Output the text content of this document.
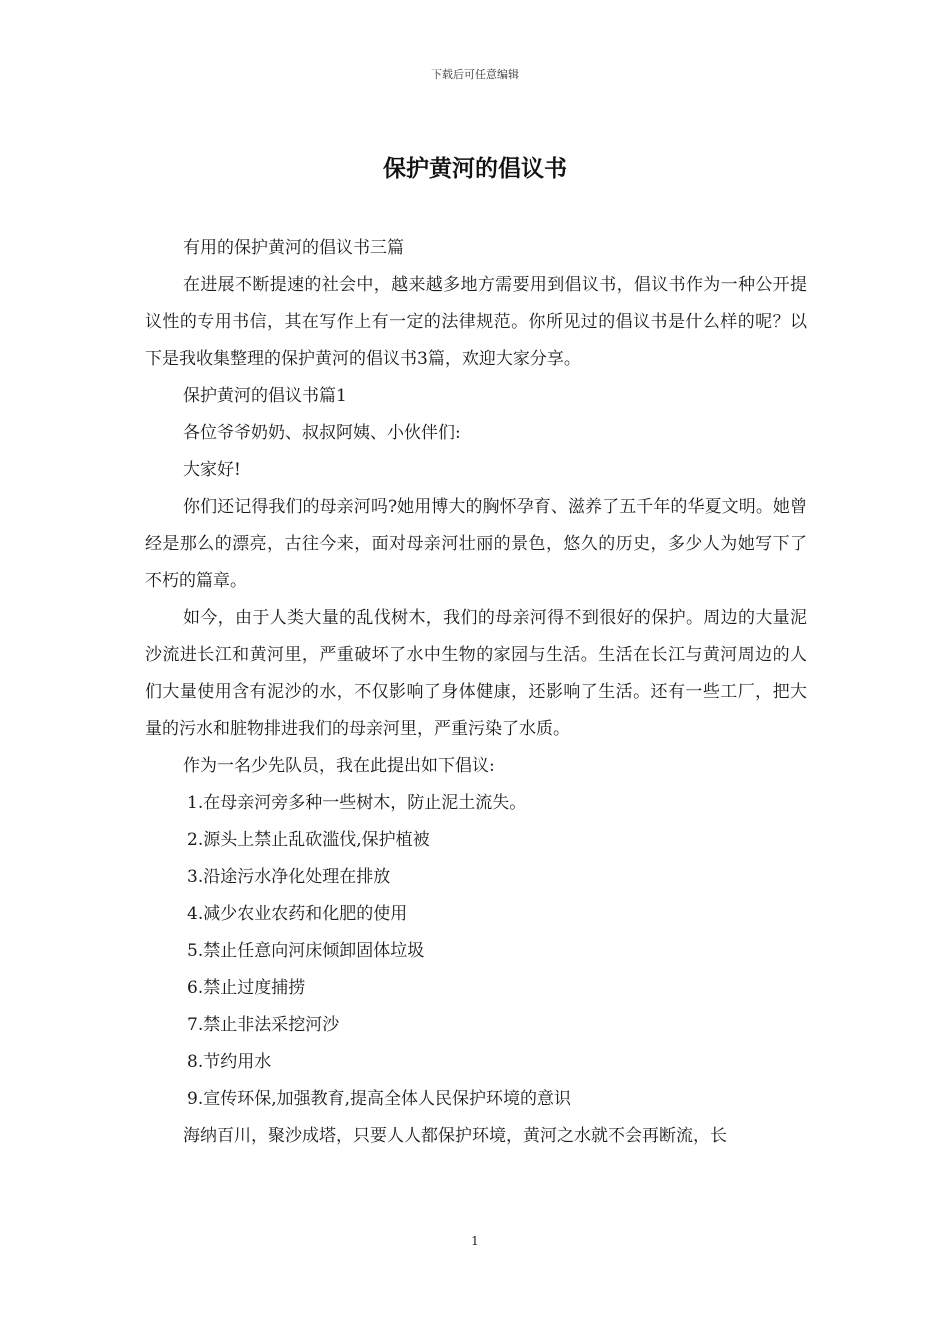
下载后可任意编辑
保护黄河的倡议书

有用的保护黄河的倡议书三篇

在进展不断提速的社会中，越来越多地方需要用到倡议书，倡议书作为一种公开提议性的专用书信，其在写作上有一定的法律规范。你所见过的倡议书是什么样的呢？以下是我收集整理的保护黄河的倡议书3篇，欢迎大家分享。

保护黄河的倡议书篇1

各位爷爷奶奶、叔叔阿姨、小伙伴们:

大家好!

你们还记得我们的母亲河吗?她用博大的胸怀孕育、滋养了五千年的华夏文明。她曾经是那么的漂亮，古往今来，面对母亲河壮丽的景色，悠久的历史，多少人为她写下了不朽的篇章。

如今，由于人类大量的乱伐树木，我们的母亲河得不到很好的保护。周边的大量泥沙流进长江和黄河里，严重破坏了水中生物的家园与生活。生活在长江与黄河周边的人们大量使用含有泥沙的水，不仅影响了身体健康，还影响了生活。还有一些工厂，把大量的污水和脏物排进我们的母亲河里，严重污染了水质。

作为一名少先队员，我在此提出如下倡议:

1.在母亲河旁多种一些树木，防止泥土流失。

2.源头上禁止乱砍滥伐,保护植被

3.沿途污水净化处理在排放

4.减少农业农药和化肥的使用

5.禁止任意向河床倾卸固体垃圾

6.禁止过度捕捞

7.禁止非法采挖河沙

8.节约用水

9.宣传环保,加强教育,提高全体人民保护环境的意识

海纳百川，聚沙成塔，只要人人都保护环境，黄河之水就不会再断流，长

1
